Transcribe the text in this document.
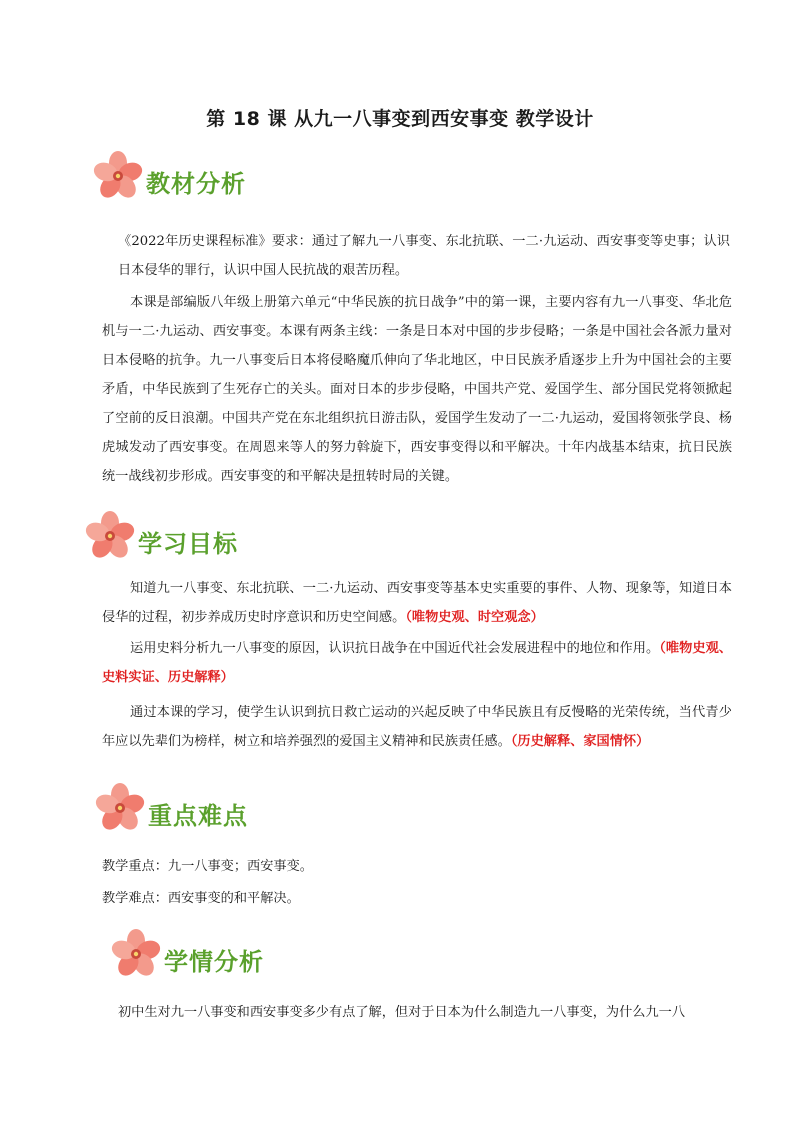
第 18 课 从九一八事变到西安事变 教学设计
教材分析
《2022年历史课程标准》要求：通过了解九一八事变、东北抗联、一二·九运动、西安事变等史事；认识日本侵华的罪行，认识中国人民抗战的艰苦历程。
本课是部编版八年级上册第六单元“中华民族的抗日战争”中的第一课，主要内容有九一八事变、华北危机与一二·九运动、西安事变。本课有两条主线：一条是日本对中国的步步侵略；一条是中国社会各派力量对日本侵略的抗争。九一八事变后日本将侵略魔爪伸向了华北地区，中日民族矛盾逐步上升为中国社会的主要矛盾，中华民族到了生死存亡的关头。面对日本的步步侵略，中国共产党、爱国学生、部分国民党将领掀起了空前的反日浪潮。中国共产党在东北组织抗日游击队，爱国学生发动了一二·九运动，爱国将领张学良、杨虎城发动了西安事变。在周恩来等人的努力斡旋下，西安事变得以和平解决。十年内战基本结束，抗日民族统一战线初步形成。西安事变的和平解决是扭转时局的关键。
学习目标
知道九一八事变、东北抗联、一二·九运动、西安事变等基本史实重要的事件、人物、现象等，知道日本侵华的过程，初步养成历史时序意识和历史空间感。（唯物史观、时空观念）
运用史料分析九一八事变的原因，认识抗日战争在中国近代社会发展进程中的地位和作用。（唯物史观、史料实证、历史解释）
通过本课的学习，使学生认识到抗日救亡运动的兴起反映了中华民族且有反慢略的光荣传统，当代青少年应以先辈们为榜样，树立和培养强烈的爱国主义精神和民族责任感。（历史解释、家国情怀）
重点难点
教学重点：九一八事变；西安事变。
教学难点：西安事变的和平解决。
学情分析
初中生对九一八事变和西安事变多少有点了解，但对于日本为什么制造九一八事变，为什么九一八
